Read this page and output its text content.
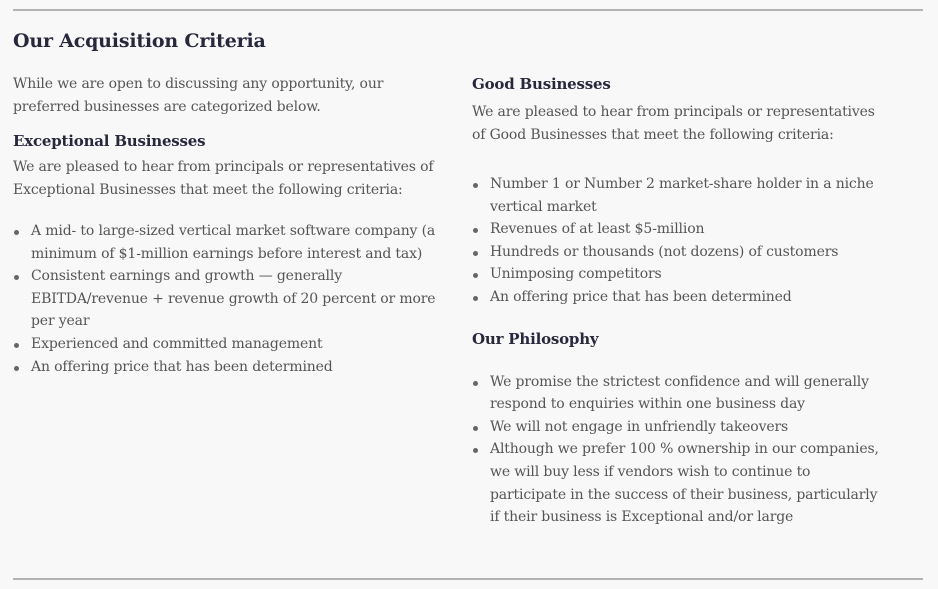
Our Acquisition Criteria

While we are open to discussing any opportunity, our preferred businesses are categorized below.

Exceptional Businesses

We are pleased to hear from principals or representatives of Exceptional Businesses that meet the following criteria:

A mid- to large-sized vertical market software company (a minimum of $1-million earnings before interest and tax)
Consistent earnings and growth — generally EBITDA/revenue + revenue growth of 20 percent or more per year
Experienced and committed management
An offering price that has been determined
Good Businesses

We are pleased to hear from principals or representatives of Good Businesses that meet the following criteria:

Number 1 or Number 2 market-share holder in a niche vertical market
Revenues of at least $5-million
Hundreds or thousands (not dozens) of customers
Unimposing competitors
An offering price that has been determined
Our Philosophy
We promise the strictest confidence and will generally respond to enquiries within one business day
We will not engage in unfriendly takeovers
Although we prefer 100 % ownership in our companies, we will buy less if vendors wish to continue to participate in the success of their business, particularly if their business is Exceptional and/or large
